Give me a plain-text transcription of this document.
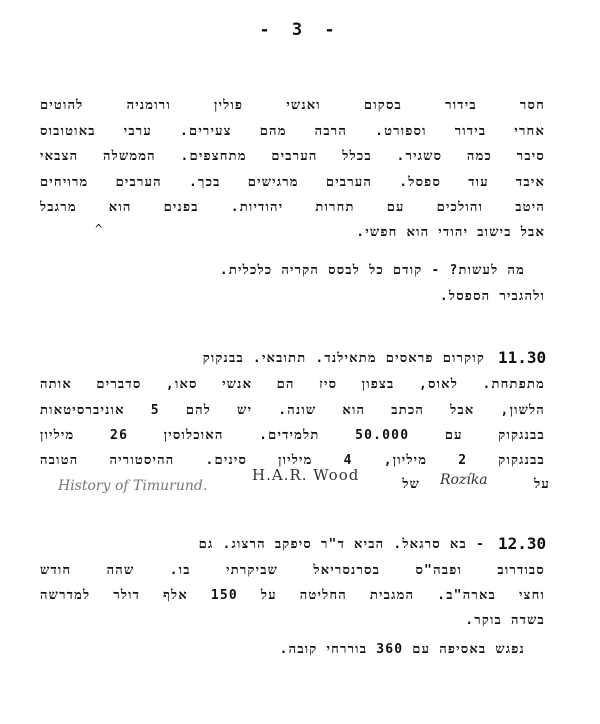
- 3 -
חסר בידור בסקום ואנשי פולין ורומניה להוטים
אחרי בידור וספורט. הרבה מהם צעירים. ערבי באוטובוס
סיבר כמה סשגיר. בכלל הערבים מתחצפים. הממשלה הצבאי
איבד עוד ספסל. הערבים מרגישים בכך. הערבים מרויחים
היטב והולכים עם תחרות יהודיות. בפנים הוא מרגבל
^	אבל בישוב יהודי הוא חפשי.
מה לעשות? - קודם כל לבסס הקריה כלכלית.
ולהגביר הספסל.
11.30
קוקרום פראסים מתאילנד. תתובאי. בבנקוק
מתפתחת. לאוס, בצפון סיז הם אנשי סאו, סדברים אותה
הלשון, אבל הכתב הוא שונה. יש להם 5 אוניברסיטאות
בבנגקוק עם 50.000 תלמידים. האוכלוסין 26 מיליון
בבנגקוק 2 מיליון, 4 מיליון סינים. ההיסטוריה הטובה
על
של Rozíka
H.A.R. Wood
History of Timurund.
12.30
- בא סרגאל. הביא ד"ר סיפקב הרצוג. גם
סבודרוב ופבה"ס בסרנסריאל שביקרתי בו. שהה חודש
וחצי בארה"ב. המגבית החליטה על 150 אלף דולר למדרשה
בשדה בוקר.
נפגש באסיפה עם 360 בוררחי קובה.
